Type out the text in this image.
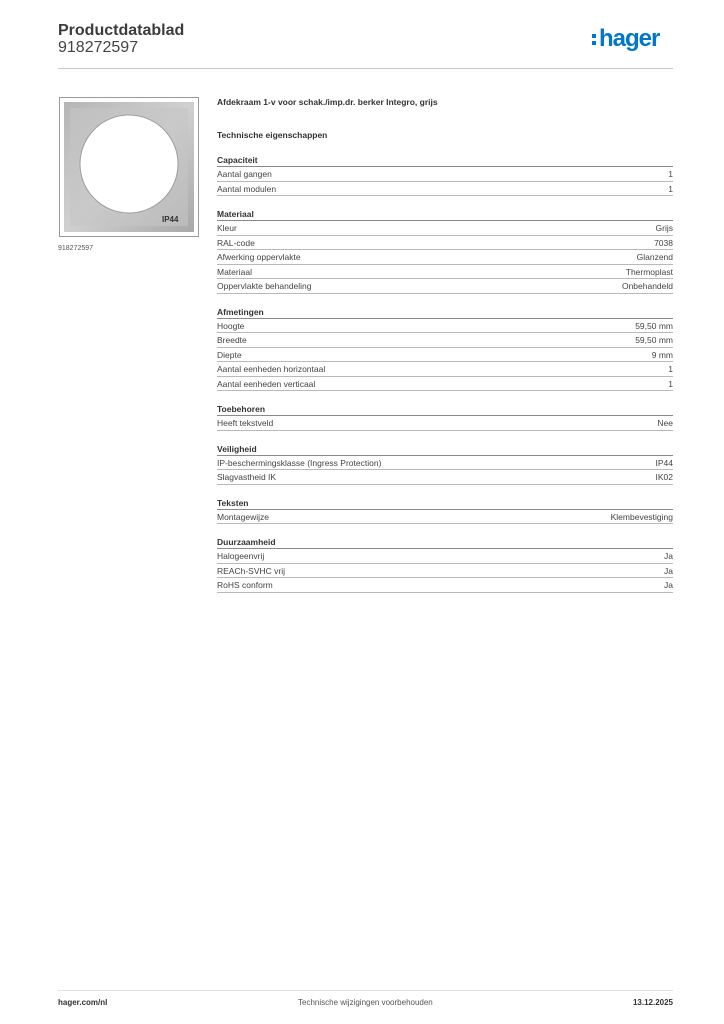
Productdatablad
918272597	hager
IP44
918272597
Afdekraam 1-v voor schak./imp.dr. berker Integro, grijs
Technische eigenschappen
Capaciteit
Aantal gangen	1
Aantal modulen	1
Materiaal
Kleur	Grijs
RAL-code	7038
Afwerking oppervlakte	Glanzend
Materiaal	Thermoplast
Oppervlakte behandeling	Onbehandeld
Afmetingen
Hoogte	59,50 mm
Breedte	59,50 mm
Diepte	9 mm
Aantal eenheden horizontaal	1
Aantal eenheden verticaal	1
Toebehoren
Heeft tekstveld	Nee
Veiligheid
IP-beschermingsklasse (Ingress Protection)	IP44
Slagvastheid IK	IK02
Teksten
Montagewijze	Klembevestiging
Duurzaamheid
Halogeenvrij	Ja
REACh-SVHC vrij	Ja
RoHS conform	Ja
hager.com/nl	Technische wijzigingen voorbehouden	13.12.2025
